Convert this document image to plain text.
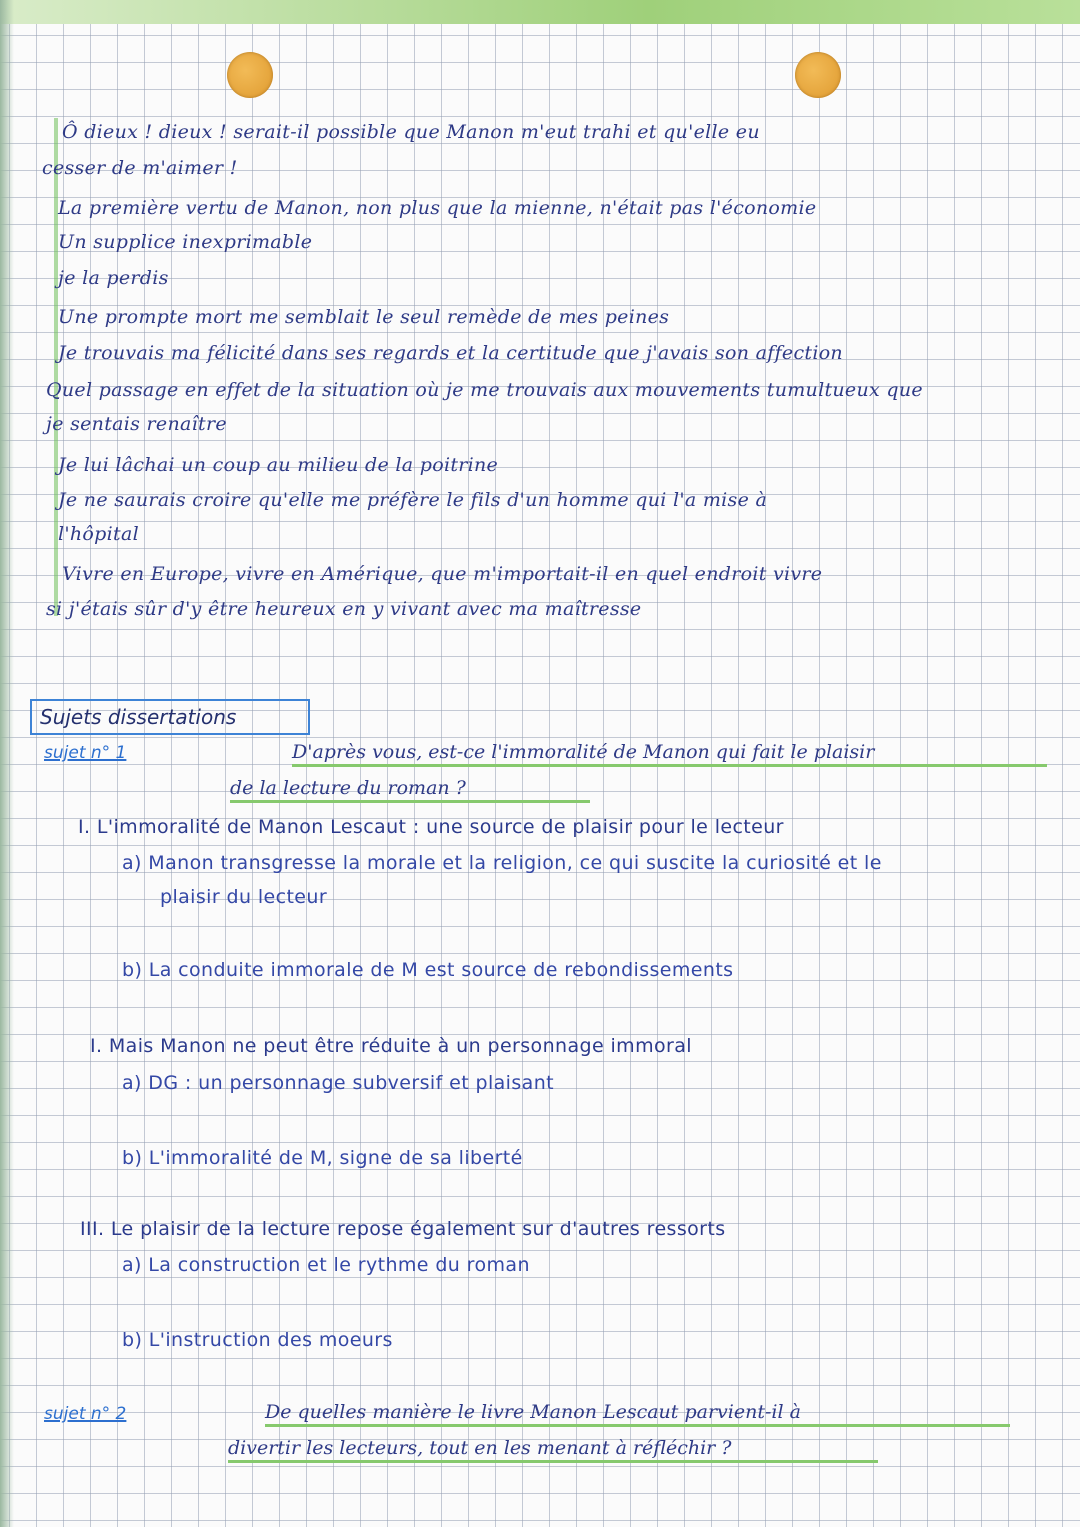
Ô dieux ! dieux ! serait-il possible que Manon m'eut trahi et qu'elle eu
cesser de m'aimer !
La première vertu de Manon, non plus que la mienne, n'était pas l'économie
Un supplice inexprimable
je la perdis
Une prompte mort me semblait le seul remède de mes peines
Je trouvais ma félicité dans ses regards et la certitude que j'avais son affection
Quel passage en effet de la situation où je me trouvais aux mouvements tumultueux que
je sentais renaître
Je lui lâchai un coup au milieu de la poitrine
Je ne saurais croire qu'elle me préfère le fils d'un homme qui l'a mise à
l'hôpital
Vivre en Europe, vivre en Amérique, que m'importait-il en quel endroit vivre
si j'étais sûr d'y être heureux en y vivant avec ma maîtresse
Sujets dissertations
sujet n° 1	D'après vous, est-ce l'immoralité de Manon qui fait le plaisir
de la lecture du roman ?
I. L'immoralité de Manon Lescaut : une source de plaisir pour le lecteur
a) Manon transgresse la morale et la religion, ce qui suscite la curiosité et le
plaisir du lecteur
b) La conduite immorale de M est source de rebondissements
I. Mais Manon ne peut être réduite à un personnage immoral
a) DG : un personnage subversif et plaisant
b) L'immoralité de M, signe de sa liberté
III. Le plaisir de la lecture repose également sur d'autres ressorts
a) La construction et le rythme du roman
b) L'instruction des moeurs
sujet n° 2	De quelles manière le livre Manon Lescaut parvient-il à
divertir les lecteurs, tout en les menant à réfléchir ?
